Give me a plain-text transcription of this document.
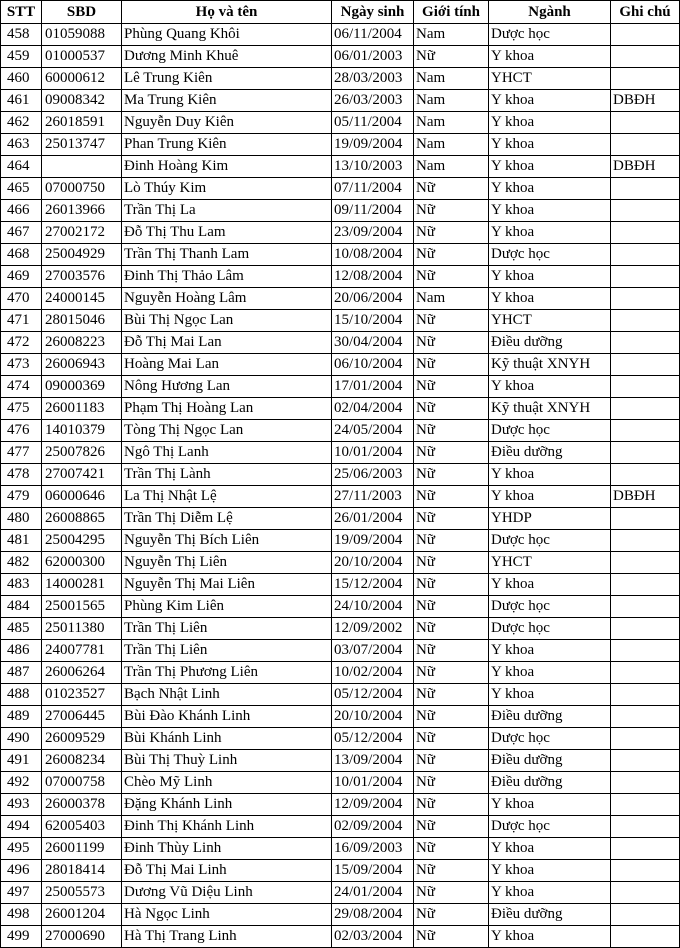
STT	SBD	Họ và tên	Ngày sinh	Giới tính	Ngành	Ghi chú
458	01059088	Phùng Quang Khôi	06/11/2004	Nam	Dược học	
459	01000537	Dương Minh Khuê	06/01/2003	Nữ	Y khoa	
460	60000612	Lê Trung Kiên	28/03/2003	Nam	YHCT	
461	09008342	Ma Trung Kiên	26/03/2003	Nam	Y khoa	DBĐH
462	26018591	Nguyễn Duy Kiên	05/11/2004	Nam	Y khoa	
463	25013747	Phan Trung Kiên	19/09/2004	Nam	Y khoa	
464		Đinh Hoàng Kim	13/10/2003	Nam	Y khoa	DBĐH
465	07000750	Lò Thúy Kim	07/11/2004	Nữ	Y khoa	
466	26013966	Trần Thị La	09/11/2004	Nữ	Y khoa	
467	27002172	Đỗ Thị Thu Lam	23/09/2004	Nữ	Y khoa	
468	25004929	Trần Thị Thanh Lam	10/08/2004	Nữ	Dược học	
469	27003576	Đinh Thị Thảo Lâm	12/08/2004	Nữ	Y khoa	
470	24000145	Nguyễn Hoàng Lâm	20/06/2004	Nam	Y khoa	
471	28015046	Bùi Thị Ngọc Lan	15/10/2004	Nữ	YHCT	
472	26008223	Đỗ Thị Mai Lan	30/04/2004	Nữ	Điều dưỡng	
473	26006943	Hoàng Mai Lan	06/10/2004	Nữ	Kỹ thuật XNYH	
474	09000369	Nông Hương Lan	17/01/2004	Nữ	Y khoa	
475	26001183	Phạm Thị Hoàng Lan	02/04/2004	Nữ	Kỹ thuật XNYH	
476	14010379	Tòng Thị Ngọc Lan	24/05/2004	Nữ	Dược học	
477	25007826	Ngô Thị Lanh	10/01/2004	Nữ	Điều dưỡng	
478	27007421	Trần Thị Lành	25/06/2003	Nữ	Y khoa	
479	06000646	La Thị Nhật Lệ	27/11/2003	Nữ	Y khoa	DBĐH
480	26008865	Trần Thị Diễm Lệ	26/01/2004	Nữ	YHDP	
481	25004295	Nguyễn Thị Bích Liên	19/09/2004	Nữ	Dược học	
482	62000300	Nguyễn Thị Liên	20/10/2004	Nữ	YHCT	
483	14000281	Nguyễn Thị Mai Liên	15/12/2004	Nữ	Y khoa	
484	25001565	Phùng Kim Liên	24/10/2004	Nữ	Dược học	
485	25011380	Trần Thị Liên	12/09/2002	Nữ	Dược học	
486	24007781	Trần Thị Liên	03/07/2004	Nữ	Y khoa	
487	26006264	Trần Thị Phương Liên	10/02/2004	Nữ	Y khoa	
488	01023527	Bạch Nhật Linh	05/12/2004	Nữ	Y khoa	
489	27006445	Bùi Đào Khánh Linh	20/10/2004	Nữ	Điều dưỡng	
490	26009529	Bùi Khánh Linh	05/12/2004	Nữ	Dược học	
491	26008234	Bùi Thị Thuỳ Linh	13/09/2004	Nữ	Điều dưỡng	
492	07000758	Chèo Mỹ Linh	10/01/2004	Nữ	Điều dưỡng	
493	26000378	Đặng Khánh Linh	12/09/2004	Nữ	Y khoa	
494	62005403	Đinh Thị Khánh Linh	02/09/2004	Nữ	Dược học	
495	26001199	Đinh Thùy Linh	16/09/2003	Nữ	Y khoa	
496	28018414	Đỗ Thị Mai Linh	15/09/2004	Nữ	Y khoa	
497	25005573	Dương Vũ Diệu Linh	24/01/2004	Nữ	Y khoa	
498	26001204	Hà Ngọc Linh	29/08/2004	Nữ	Điều dưỡng	
499	27000690	Hà Thị Trang Linh	02/03/2004	Nữ	Y khoa	
